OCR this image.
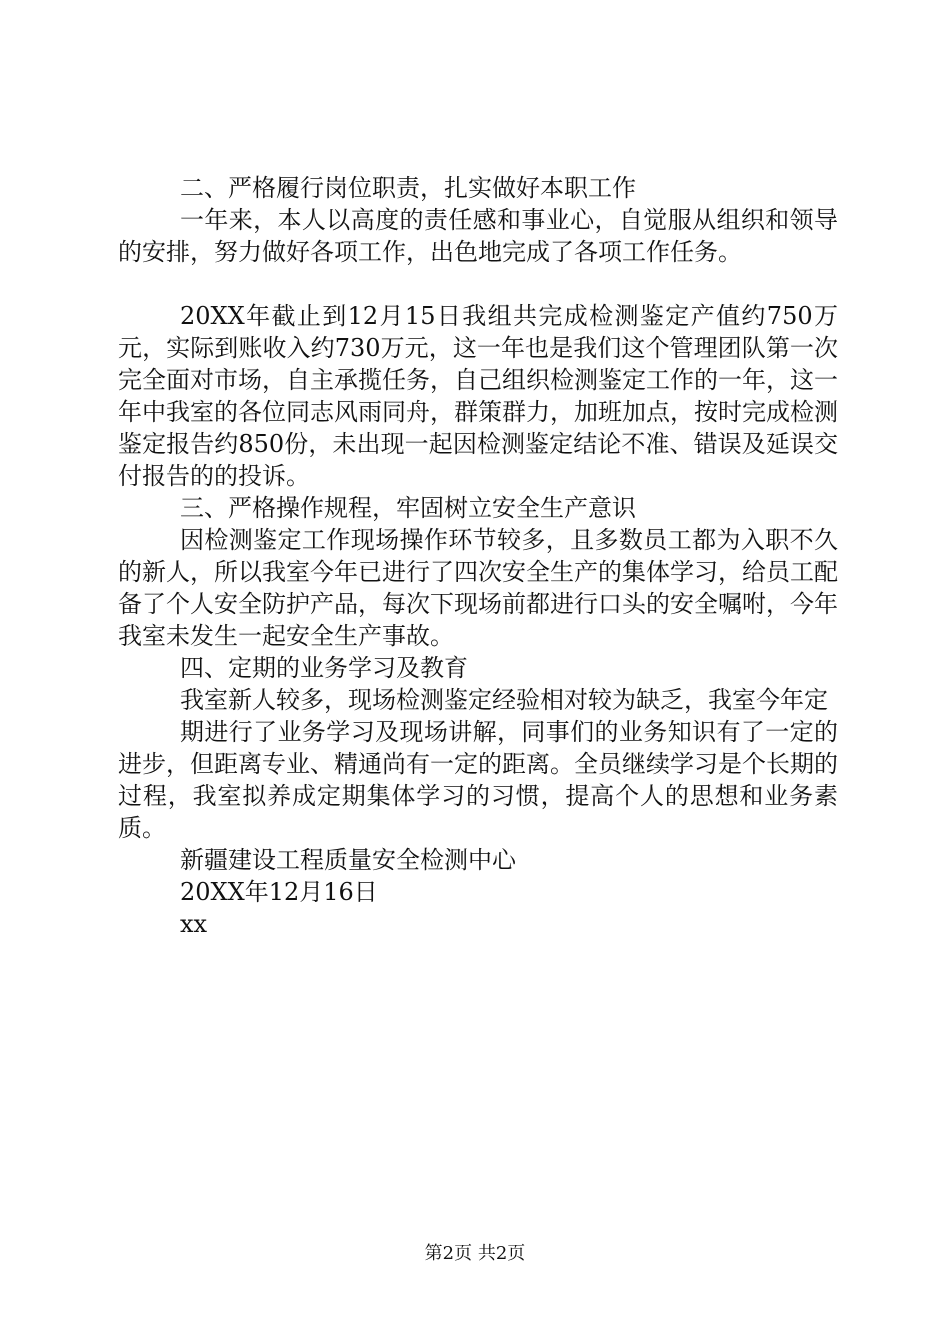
二、严格履行岗位职责，扎实做好本职工作

一年来，本人以高度的责任感和事业心，自觉服从组织和领导的安排，努力做好各项工作，出色地完成了各项工作任务。

20XX年截止到12月15日我组共完成检测鉴定产值约750万元，实际到账收入约730万元，这一年也是我们这个管理团队第一次完全面对市场，自主承揽任务，自己组织检测鉴定工作的一年，这一年中我室的各位同志风雨同舟，群策群力，加班加点，按时完成检测鉴定报告约850份，未出现一起因检测鉴定结论不准、错误及延误交付报告的的投诉。

三、严格操作规程，牢固树立安全生产意识

因检测鉴定工作现场操作环节较多，且多数员工都为入职不久的新人，所以我室今年已进行了四次安全生产的集体学习，给员工配备了个人安全防护产品，每次下现场前都进行口头的安全嘱咐，今年我室未发生一起安全生产事故。

四、定期的业务学习及教育

我室新人较多，现场检测鉴定经验相对较为缺乏，我室今年定

期进行了业务学习及现场讲解，同事们的业务知识有了一定的进步，但距离专业、精通尚有一定的距离。全员继续学习是个长期的过程，我室拟养成定期集体学习的习惯，提高个人的思想和业务素质。

新疆建设工程质量安全检测中心

20XX年12月16日

xx

第2页 共2页
